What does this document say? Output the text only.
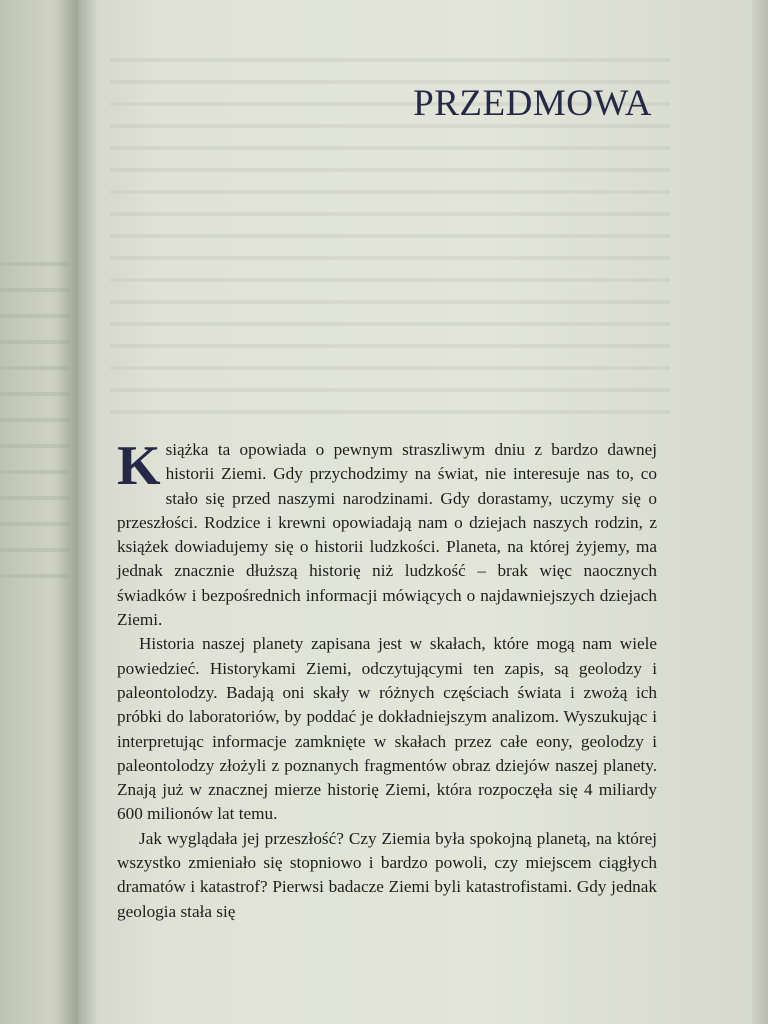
PRZEDMOWA

Książka ta opowiada o pewnym straszliwym dniu z bardzo dawnej historii Ziemi. Gdy przychodzimy na świat, nie interesuje nas to, co stało się przed naszymi narodzinami. Gdy dorastamy, uczymy się o przeszłości. Rodzice i krewni opowiadają nam o dziejach naszych rodzin, z książek dowiadujemy się o historii ludzkości. Planeta, na której żyjemy, ma jednak znacznie dłuższą historię niż ludzkość – brak więc naocznych świadków i bezpośrednich informacji mówiących o najdawniejszych dziejach Ziemi.

Historia naszej planety zapisana jest w skałach, które mogą nam wiele powiedzieć. Historykami Ziemi, odczytującymi ten zapis, są geolodzy i paleontolodzy. Badają oni skały w różnych częściach świata i zwożą ich próbki do laboratoriów, by poddać je dokładniejszym analizom. Wyszukując i interpretując informacje zamknięte w skałach przez całe eony, geolodzy i paleontolodzy złożyli z poznanych fragmentów obraz dziejów naszej planety. Znają już w znacznej mierze historię Ziemi, która rozpoczęła się 4 miliardy 600 milionów lat temu.

Jak wyglądała jej przeszłość? Czy Ziemia była spokojną planetą, na której wszystko zmieniało się stopniowo i bardzo powoli, czy miejscem ciągłych dramatów i katastrof? Pierwsi badacze Ziemi byli katastrofistami. Gdy jednak geologia stała się
